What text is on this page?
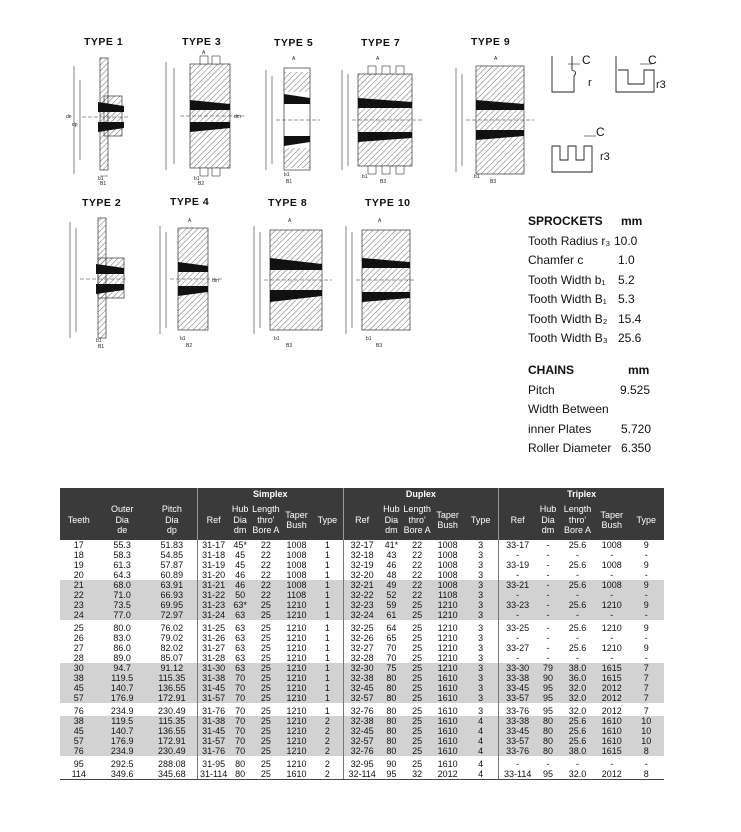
TYPE 1	TYPE 3	TYPE 5	TYPE 7	TYPE 9
TYPE 2	TYPE 4	TYPE 8	TYPE 10
b1
B1
de
dp
A
b1
B2
dm
A
b1
B1
A
b1
B3
A
b1
B3
C
r
C
r3
C
r3
b1
B1
A
b1
B2
dm
A
b1
B3
A
b1
B3
SPROCKETS mm
Tooth Radius r₃ 10.0
Chamfer c	1.0
Tooth Width b₁ 5.2
Tooth Width B₁ 5.3
Tooth Width B₂ 15.4
Tooth Width B₃ 25.6
CHAINS	mm
Pitch	9.525
Width Between
inner Plates 5.720
Roller Diameter 6.350
			Simplex					Duplex					Triplex				
Teeth	Outer
Dia
de	Pitch
Dia
dp	Ref	Hub
Dia
dm	Length
thro'
Bore A	Taper
Bush	Type	Ref	Hub
Dia
dm	Length
thro'
Bore A	Taper
Bush	Type	Ref	Hub
Dia
dm	Length
thro'
Bore A	Taper
Bush	Type
17	55.3	51.83	31-17	45*	22	1008	1	32-17	41*	22	1008	3	33-17	-	25.6	1008	9
18	58.3	54.85	31-18	45	22	1008	1	32-18	43	22	1008	3	-	-	-	-	-
19	61.3	57.87	31-19	45	22	1008	1	32-19	46	22	1008	3	33-19	-	25.6	1008	9
20	64.3	60.89	31-20	46	22	1008	1	32-20	48	22	1008	3	-	-	-	-	-
21	68.0	63.91	31-21	46	22	1008	1	32-21	49	22	1008	3	33-21	-	25.6	1008	9
22	71.0	66.93	31-22	50	22	1108	1	32-22	52	22	1108	3	-	-	-	-	-
23	73.5	69.95	31-23	63*	25	1210	1	32-23	59	25	1210	3	33-23	-	25.6	1210	9
24	77.0	72.97	31-24	63	25	1210	1	32-24	61	25	1210	3	-	-	-	-	-
25	80.0	76.02	31-25	63	25	1210	1	32-25	64	25	1210	3	33-25	-	25.6	1210	9
26	83.0	79.02	31-26	63	25	1210	1	32-26	65	25	1210	3	-	-	-	-	-
27	86.0	82.02	31-27	63	25	1210	1	32-27	70	25	1210	3	33-27	-	25.6	1210	9
28	89.0	85.07	31-28	63	25	1210	1	32-28	70	25	1210	3	-	-	-	-	-
30	94.7	91.12	31-30	63	25	1210	1	32-30	75	25	1210	3	33-30	79	38.0	1615	7
38	119.5	115.35	31-38	70	25	1210	1	32-38	80	25	1610	3	33-38	90	36.0	1615	7
45	140.7	136.55	31-45	70	25	1210	1	32-45	80	25	1610	3	33-45	95	32.0	2012	7
57	176.9	172.91	31-57	70	25	1210	1	32-57	80	25	1610	3	33-57	95	32.0	2012	7
76	234.9	230.49	31-76	70	25	1210	1	32-76	80	25	1610	3	33-76	95	32.0	2012	7
38	119.5	115.35	31-38	70	25	1210	2	32-38	80	25	1610	4	33-38	80	25.6	1610	10
45	140.7	136.55	31-45	70	25	1210	2	32-45	80	25	1610	4	33-45	80	25.6	1610	10
57	176.9	172.91	31-57	70	25	1210	2	32-57	80	25	1610	4	33-57	80	25.6	1610	10
76	234.9	230.49	31-76	70	25	1210	2	32-76	80	25	1610	4	33-76	80	38.0	1615	8
95	292.5	288.08	31-95	80	25	1210	2	32-95	90	25	1610	4	-	-	-	-	-
114	349.6	345.68	31-114	80	25	1610	2	32-114	95	32	2012	4	33-114	95	32.0	2012	8
